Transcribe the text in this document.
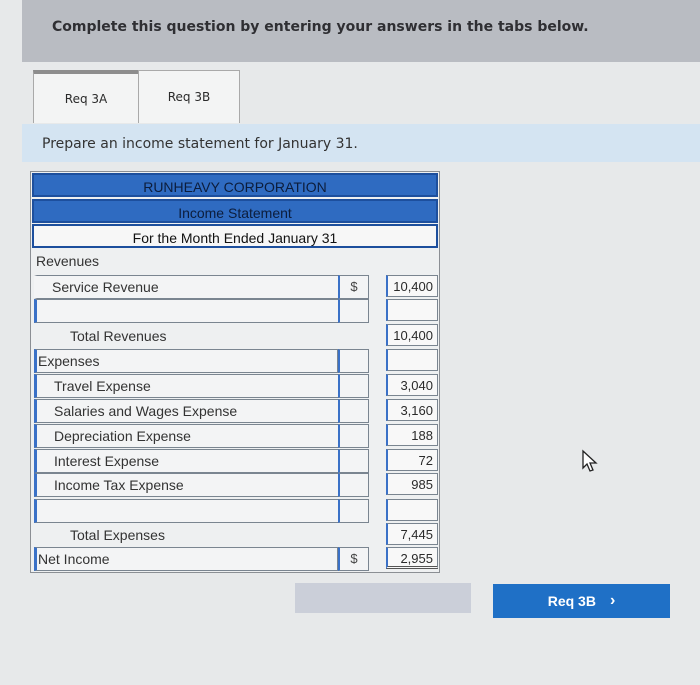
Complete this question by entering your answers in the tabs below.
Req 3A	Req 3B
Prepare an income statement for January 31.
RUNHEAVY CORPORATION
Income Statement
For the Month Ended January 31
Revenues
Service Revenue	$	10,400
Total Revenues	10,400
Expenses
Travel Expense	3,040
Salaries and Wages Expense	3,160
Depreciation Expense	188
Interest Expense	72
Income Tax Expense	985
Total Expenses	7,445
Net Income	$	2,955
Req 3B ›
